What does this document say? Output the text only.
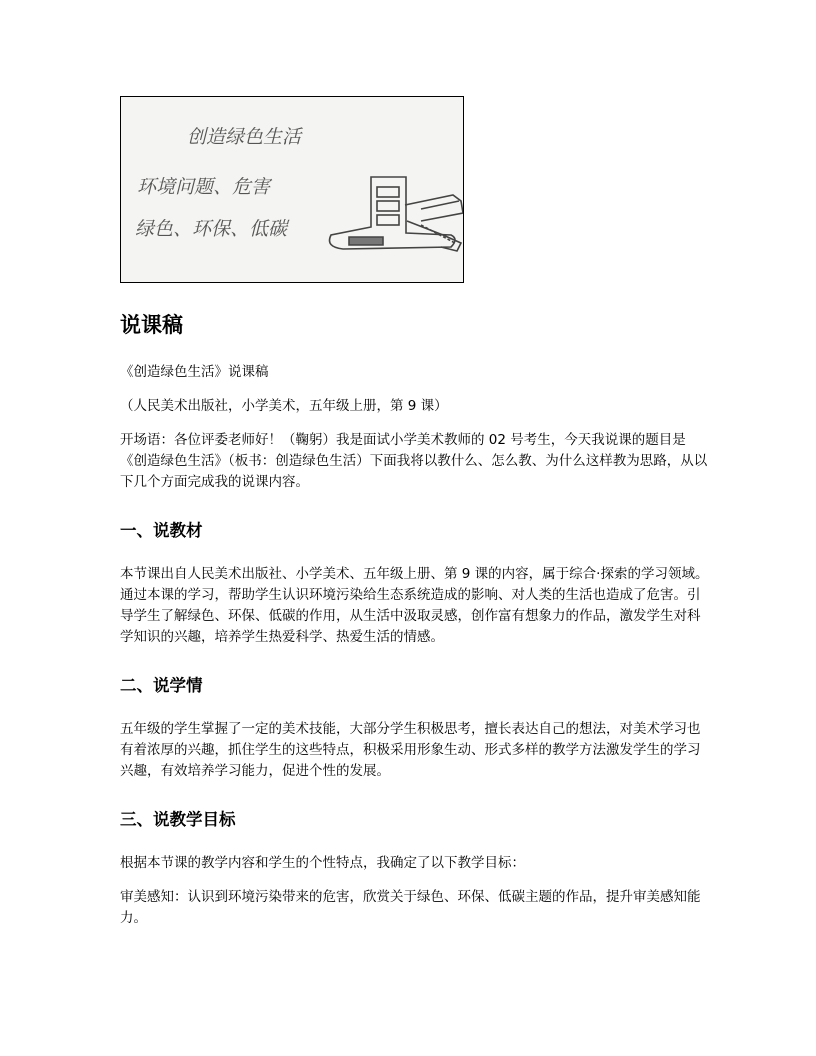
创造绿色生活
环境问题、危害
绿色、环保、低碳
说课稿

《创造绿色生活》说课稿

（人民美术出版社，小学美术，五年级上册，第 9 课）

开场语：各位评委老师好！（鞠躬）我是面试小学美术教师的 02 号考生，今天我说课的题目是《创造绿色生活》（板书：创造绿色生活）下面我将以教什么、怎么教、为什么这样教为思路，从以下几个方面完成我的说课内容。

一、说教材

本节课出自人民美术出版社、小学美术、五年级上册、第 9 课的内容，属于综合·探索的学习领域。通过本课的学习，帮助学生认识环境污染给生态系统造成的影响、对人类的生活也造成了危害。引导学生了解绿色、环保、低碳的作用，从生活中汲取灵感，创作富有想象力的作品，激发学生对科学知识的兴趣，培养学生热爱科学、热爱生活的情感。

二、说学情

五年级的学生掌握了一定的美术技能，大部分学生积极思考，擅长表达自己的想法，对美术学习也有着浓厚的兴趣，抓住学生的这些特点，积极采用形象生动、形式多样的教学方法激发学生的学习兴趣，有效培养学习能力，促进个性的发展。

三、说教学目标

根据本节课的教学内容和学生的个性特点，我确定了以下教学目标：

审美感知：认识到环境污染带来的危害，欣赏关于绿色、环保、低碳主题的作品，提升审美感知能力。
